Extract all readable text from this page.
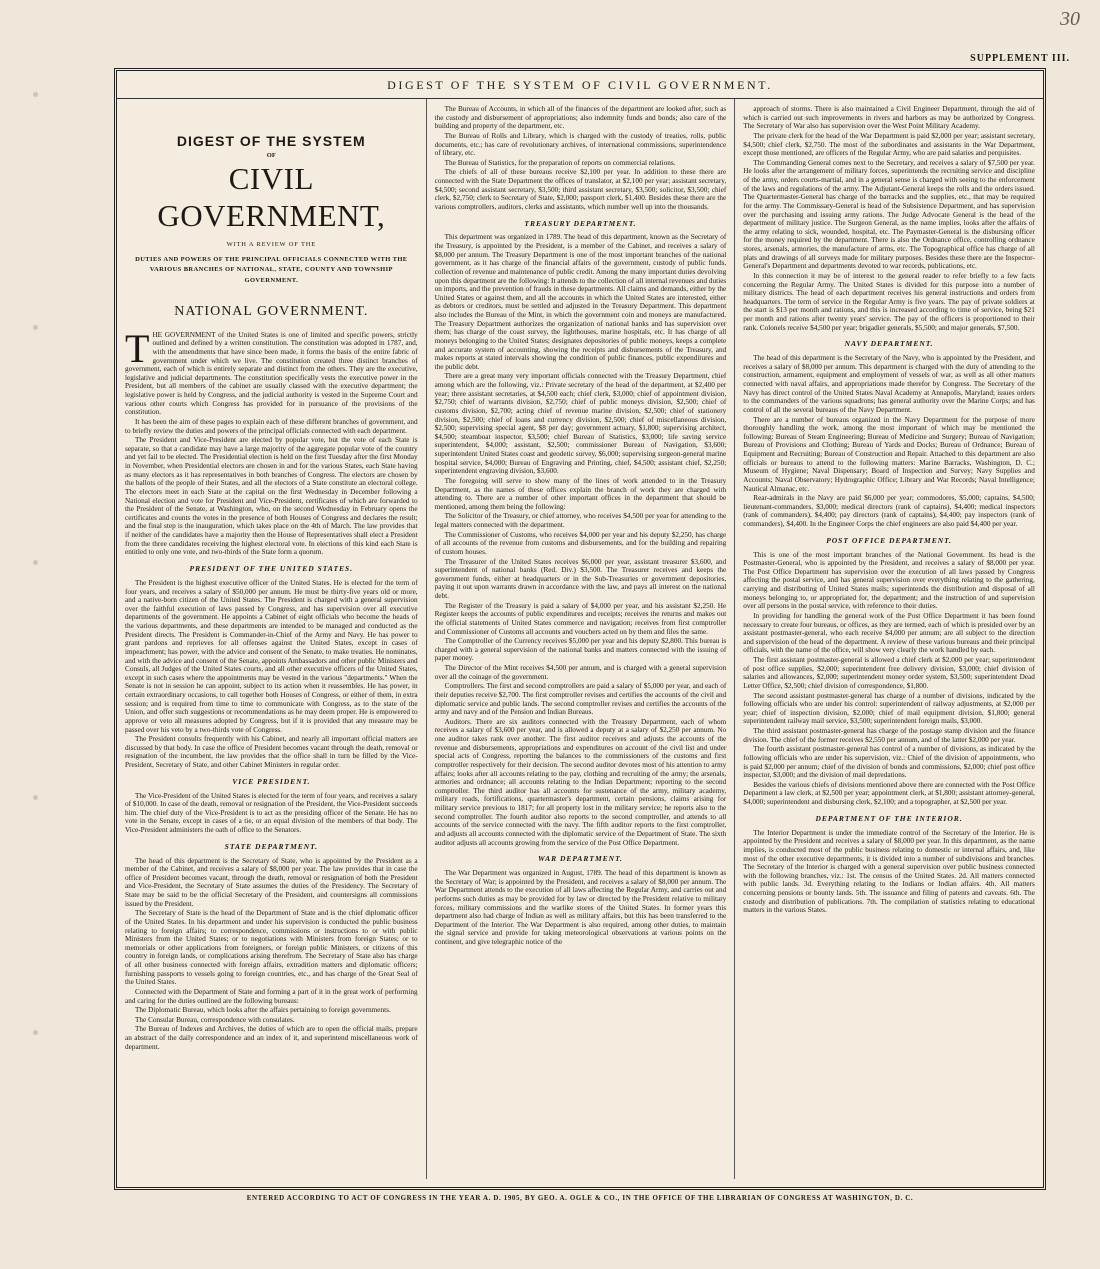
30
SUPPLEMENT III.
DIGEST OF THE SYSTEM OF CIVIL GOVERNMENT.
DIGEST OF THE SYSTEM
OF
CIVIL GOVERNMENT,
WITH A REVIEW OF THE
DUTIES AND POWERS OF THE PRINCIPAL OFFICIALS CONNECTED WITH THE VARIOUS BRANCHES OF NATIONAL, STATE, COUNTY AND TOWNSHIP GOVERNMENT.
NATIONAL GOVERNMENT.

THE GOVERNMENT of the United States is one of limited and specific powers, strictly outlined and defined by a written constitution. The constitution was adopted in 1787, and, with the amendments that have since been made, it forms the basis of the entire fabric of government under which we live. The constitution created three distinct branches of government, each of which is entirely separate and distinct from the others. They are the executive, legislative and judicial departments. The constitution specifically vests the executive power in the President, but all members of the cabinet are usually classed with the executive department; the legislative power is held by Congress, and the judicial authority is vested in the Supreme Court and various other courts which Congress has provided for in pursuance of the provisions of the constitution.

It has been the aim of these pages to explain each of these different branches of government, and to briefly review the duties and powers of the principal officials connected with each department.

The President and Vice-President are elected by popular vote, but the vote of each State is separate, so that a candidate may have a large majority of the aggregate popular vote of the country and yet fail to be elected. The Presidential election is held on the first Tuesday after the first Monday in November, when Presidential electors are chosen in and for the various States, each State having as many electors as it has representatives in both branches of Congress. The electors are chosen by the ballots of the people of their States, and all the electors of a State constitute an electoral college. The electors meet in each State at the capital on the first Wednesday in December following a National election and vote for President and Vice-President, certificates of which are forwarded to the President of the Senate, at Washington, who, on the second Wednesday in February opens the certificates and counts the votes in the presence of both Houses of Congress and declares the result; and the final step is the inauguration, which takes place on the 4th of March. The law provides that if neither of the candidates have a majority then the House of Representatives shall elect a President from the three candidates receiving the highest electoral vote. In elections of this kind each State is entitled to only one vote, and two-thirds of the State form a quorum.

PRESIDENT OF THE UNITED STATES.

The President is the highest executive officer of the United States. He is elected for the term of four years, and receives a salary of $50,000 per annum. He must be thirty-five years old or more, and a native-born citizen of the United States. The President is charged with a general supervision over the faithful execution of laws passed by Congress, and has supervision over all executive departments of the government. He appoints a Cabinet of eight officials who become the heads of the various departments, and these departments are intended to be managed and conducted as the President directs. The President is Commander-in-Chief of the Army and Navy. He has power to grant pardons and reprieves for all offenses against the United States, except in cases of impeachment; has power, with the advice and consent of the Senate, to make treaties. He nominates, and with the advice and consent of the Senate, appoints Ambassadors and other public Ministers and Consuls, all Judges of the United States courts, and all other executive officers of the United States, except in such cases where the appointments may be vested in the various "departments." When the Senate is not in session he can appoint, subject to its action when it reassembles. He has power, in certain extraordinary occasions, to call together both Houses of Congress, or either of them, in extra session; and is required from time to time to communicate with Congress, as to the state of the Union, and offer such suggestions or recommendations as he may deem proper. He is empowered to approve or veto all measures adopted by Congress, but if it is provided that any measure may be passed over his veto by a two-thirds vote of Congress.

The President consults frequently with his Cabinet, and nearly all important official matters are discussed by that body. In case the office of President becomes vacant through the death, removal or resignation of the incumbent, the law provides that the office shall in turn be filled by the Vice-President, Secretary of State, and other Cabinet Ministers in regular order.

VICE PRESIDENT.

The Vice-President of the United States is elected for the term of four years, and receives a salary of $10,000. In case of the death, removal or resignation of the President, the Vice-President succeeds him. The chief duty of the Vice-President is to act as the presiding officer of the Senate. He has no vote in the Senate, except in cases of a tie, or an equal division of the members of that body. The Vice-President administers the oath of office to the Senators.

STATE DEPARTMENT.

The head of this department is the Secretary of State, who is appointed by the President as a member of the Cabinet, and receives a salary of $8,000 per year. The law provides that in case the office of President becomes vacant, through the death, removal or resignation of both the President and Vice-President, the Secretary of State assumes the duties of the Presidency. The Secretary of State may be said to be the official Secretary of the President, and countersigns all commissions issued by the President.

The Secretary of State is the head of the Department of State and is the chief diplomatic officer of the United States. In his department and under his supervision is conducted the public business relating to foreign affairs; to correspondence, commissions or instructions to or with public Ministers from the United States; or to negotiations with Ministers from foreign States; or to memorials or other applications from foreigners, or foreign public Ministers, or citizens of this country in foreign lands, or complications arising therefrom. The Secretary of State also has charge of all other business connected with foreign affairs, extradition matters and diplomatic officers; furnishing passports to vessels going to foreign countries, etc., and has charge of the Great Seal of the United States.

Connected with the Department of State and forming a part of it in the great work of performing and caring for the duties outlined are the following bureaus:

The Diplomatic Bureau, which looks after the affairs pertaining to foreign governments.

The Consular Bureau, correspondence with consulates.

The Bureau of Indexes and Archives, the duties of which are to open the official mails, prepare an abstract of the daily correspondence and an index of it, and superintend miscellaneous work of department.

The Bureau of Accounts, in which all of the finances of the department are looked after, such as the custody and disbursement of appropriations; also indemnity funds and bonds; also care of the building and property of the department, etc.

The Bureau of Rolls and Library, which is charged with the custody of treaties, rolls, public documents, etc.; has care of revolutionary archives, of international commissions, superintendence of library, etc.

The Bureau of Statistics, for the preparation of reports on commercial relations.

The chiefs of all of these bureaus receive $2,100 per year. In addition to these there are connected with the State Department the offices of translator, at $2,100 per year; assistant secretary, $4,500; second assistant secretary, $3,500; third assistant secretary, $3,500; solicitor, $3,500; chief clerk, $2,750; clerk to Secretary of State, $2,000; passport clerk, $1,400. Besides these there are the various comptrollers, auditors, clerks and assistants, which number well up into the thousands.

TREASURY DEPARTMENT.

This department was organized in 1789. The head of this department, known as the Secretary of the Treasury, is appointed by the President, is a member of the Cabinet, and receives a salary of $8,000 per annum. The Treasury Department is one of the most important branches of the national government, as it has charge of the financial affairs of the government, custody of public funds, collection of revenue and maintenance of public credit. Among the many important duties devolving upon this department are the following: It attends to the collection of all internal revenues and duties on imports, and the prevention of frauds in these departments. All claims and demands, either by the United States or against them, and all the accounts in which the United States are interested, either as debtors or creditors, must be settled and adjusted in the Treasury Department. This department also includes the Bureau of the Mint, in which the government coin and moneys are manufactured. The Treasury Department authorizes the organization of national banks and has supervision over them; has charge of the coast survey, the lighthouses, marine hospitals, etc. It has charge of all moneys belonging to the United States; designates depositories of public moneys, keeps a complete and accurate system of accounting, showing the receipts and disbursements of the Treasury, and makes reports at stated intervals showing the condition of public finances, public expenditures and the public debt.

There are a great many very important officials connected with the Treasury Department, chief among which are the following, viz.: Private secretary of the head of the department, at $2,400 per year; three assistant secretaries, at $4,500 each; chief clerk, $3,000; chief of appointment division, $2,750; chief of warrants division, $2,750; chief of public moneys division, $2,500; chief of customs division, $2,700; acting chief of revenue marine division, $2,500; chief of stationery division, $2,500; chief of loans and currency division, $2,500; chief of miscellaneous division, $2,500; supervising special agent, $8 per day; government actuary, $1,800; supervising architect, $4,500; steamboat inspector, $3,500; chief Bureau of Statistics, $3,000; life saving service superintendent, $4,000; assistant, $2,500; commissioner Bureau of Navigation, $3,600; superintendent United States coast and geodetic survey, $6,000; supervising surgeon-general marine hospital service, $4,000; Bureau of Engraving and Printing, chief, $4,500; assistant chief, $2,250; superintendent engraving division, $3,600.

The foregoing will serve to show many of the lines of work attended to in the Treasury Department, as the names of these offices explain the branch of work they are charged with attending to. There are a number of other important offices in the department that should be mentioned, among them being the following:

The Solicitor of the Treasury, or chief attorney, who receives $4,500 per year for attending to the legal matters connected with the department.

The Commissioner of Customs, who receives $4,000 per year and his deputy $2,250, has charge of all accounts of the revenue from customs and disbursements, and for the building and repairing of custom houses.

The Treasurer of the United States receives $6,000 per year, assistant treasurer $3,600, and superintendent of national banks (Red. Div.) $3,500. The Treasurer receives and keeps the government funds, either at headquarters or in the Sub-Treasuries or government depositories, paying it out upon warrants drawn in accordance with the law, and pays all interest on the national debt.

The Register of the Treasury is paid a salary of $4,000 per year, and his assistant $2,250. He Register keeps the accounts of public expenditures and receipts; receives the returns and makes out the official statements of United States commerce and navigation; receives from first comptroller and Commissioner of Customs all accounts and vouchers acted on by them and files the same.

The Comptroller of the Currency receives $5,000 per year and his deputy $2,800. This bureau is charged with a general supervision of the national banks and matters connected with the issuing of paper money.

The Director of the Mint receives $4,500 per annum, and is charged with a general supervision over all the coinage of the government.

Comptrollers. The first and second comptrollers are paid a salary of $5,000 per year, and each of their deputies receive $2,700. The first comptroller revises and certifies the accounts of the civil and diplomatic service and public lands. The second comptroller revises and certifies the accounts of the army and navy and of the Pension and Indian Bureaus.

Auditors. There are six auditors connected with the Treasury Department, each of whom receives a salary of $3,600 per year, and is allowed a deputy at a salary of $2,250 per annum. No one auditor takes rank over another. The first auditor receives and adjusts the accounts of the revenue and disbursements, appropriations and expenditures on account of the civil list and under special acts of Congress, reporting the balances to the commissioners of the customs and first comptroller respectively for their decision. The second auditor devotes most of his attention to army affairs; looks after all accounts relating to the pay, clothing and recruiting of the army; the arsenals, armories and ordnance; all accounts relating to the Indian Department; reporting to the second comptroller. The third auditor has all accounts for sustenance of the army, military academy, military roads, fortifications, quartermaster's department, certain pensions, claims arising for military service previous to 1817; for all property lost in the military service; he reports also to the second comptroller. The fourth auditor also reports to the second comptroller, and attends to all accounts of the service connected with the navy. The fifth auditor reports to the first comptroller, and adjusts all accounts connected with the diplomatic service of the Department of State. The sixth auditor adjusts all accounts growing from the service of the Post Office Department.

WAR DEPARTMENT.

The War Department was organized in August, 1789. The head of this department is known as the Secretary of War; is appointed by the President, and receives a salary of $8,000 per annum. The War Department attends to the execution of all laws affecting the Regular Army, and carries out and performs such duties as may be provided for by law or directed by the President relative to military forces, military commissions and the warlike stores of the United States. In former years this department also had charge of Indian as well as military affairs, but this has been transferred to the Department of the Interior. The War Department is also required, among other duties, to maintain the signal service and provide for taking meteorological observations at various points on the continent, and give telegraphic notice of the

approach of storms. There is also maintained a Civil Engineer Department, through the aid of which is carried out such improvements in rivers and harbors as may be authorized by Congress. The Secretary of War also has supervision over the West Point Military Academy.

The private clerk for the head of the War Department is paid $2,000 per year; assistant secretary, $4,500; chief clerk, $2,750. The most of the subordinates and assistants in the War Department, except those mentioned, are officers of the Regular Army, who are paid salaries and perquisites.

The Commanding General comes next to the Secretary, and receives a salary of $7,500 per year. He looks after the arrangement of military forces, superintends the recruiting service and discipline of the army, orders courts-martial, and in a general sense is charged with seeing to the enforcement of the laws and regulations of the army. The Adjutant-General keeps the rolls and the orders issued. The Quartermaster-General has charge of the barracks and the supplies, etc., that may be required for the army. The Commissary-General is head of the Subsistence Department, and has supervision over the purchasing and issuing army rations. The Judge Advocate General is the head of the department of military justice. The Surgeon General, as the name implies, looks after the affairs of the army relating to sick, wounded, hospital, etc. The Paymaster-General is the disbursing officer for the money required by the department. There is also the Ordnance office, controlling ordnance stores, arsenals, armories, the manufacture of arms, etc. The Topographical office has charge of all plats and drawings of all surveys made for military purposes. Besides these there are the Inspector-General's Department and departments devoted to war records, publications, etc.

In this connection it may be of interest to the general reader to refer briefly to a few facts concerning the Regular Army. The United States is divided for this purpose into a number of military districts. The head of each department receives his general instructions and orders from headquarters. The term of service in the Regular Army is five years. The pay of private soldiers at the start is $13 per month and rations, and this is increased according to time of service, being $21 per month and rations after twenty years' service. The pay of the officers is proportioned to their rank. Colonels receive $4,500 per year; brigadier generals, $5,500; and major generals, $7,500.

NAVY DEPARTMENT.

The head of this department is the Secretary of the Navy, who is appointed by the President, and receives a salary of $8,000 per annum. This department is charged with the duty of attending to the construction, armament, equipment and employment of vessels of war, as well as all other matters connected with naval affairs, and appropriations made therefor by Congress. The Secretary of the Navy has direct control of the United States Naval Academy at Annapolis, Maryland; issues orders to the commanders of the various squadrons; has general authority over the Marine Corps; and has control of all the several bureaus of the Navy Department.

There are a number of bureaus organized in the Navy Department for the purpose of more thoroughly handling the work, among the most important of which may be mentioned the following: Bureau of Steam Engineering; Bureau of Medicine and Surgery; Bureau of Navigation; Bureau of Provisions and Clothing; Bureau of Yards and Docks; Bureau of Ordnance; Bureau of Equipment and Recruiting; Bureau of Construction and Repair. Attached to this department are also officials or bureaus to attend to the following matters: Marine Barracks, Washington, D. C.; Museum of Hygiene; Naval Dispensary; Board of Inspection and Survey; Navy Supplies and Accounts; Naval Observatory; Hydrographic Office; Library and War Records; Naval Intelligence; Nautical Almanac, etc.

Rear-admirals in the Navy are paid $6,000 per year; commodores, $5,000; captains, $4,500; lieutenant-commanders, $3,000; medical directors (rank of captains), $4,400; medical inspectors (rank of commanders), $4,400; pay directors (rank of captains), $4,400; pay inspectors (rank of commanders), $4,400. In the Engineer Corps the chief engineers are also paid $4,400 per year.

POST OFFICE DEPARTMENT.

This is one of the most important branches of the National Government. Its head is the Postmaster-General, who is appointed by the President, and receives a salary of $8,000 per year. The Post Office Department has supervision over the execution of all laws passed by Congress affecting the postal service, and has general supervision over everything relating to the gathering, carrying and distributing of United States mails; superintends the distribution and disposal of all moneys belonging to, or appropriated for, the department; and the instruction of and supervision over all persons in the postal service, with reference to their duties.

In providing for handling the general work of the Post Office Department it has been found necessary to create four bureaus, or offices, as they are termed, each of which is presided over by an assistant postmaster-general, who each receive $4,000 per annum; are all subject to the direction and supervision of the head of the department. A review of these various bureaus and their principal officials, with the name of the office, will show very clearly the work handled by each.

The first assistant postmaster-general is allowed a chief clerk at $2,000 per year; superintendent of post office supplies, $2,000; superintendent free delivery division, $3,000; chief division of salaries and allowances, $2,000; superintendent money order system, $3,500; superintendent Dead Letter Office, $2,500; chief division of correspondence, $1,800.

The second assistant postmaster-general has charge of a number of divisions, indicated by the following officials who are under his control: superintendent of railway adjustments, at $2,000 per year; chief of inspection division, $2,000; chief of mail equipment division, $1,800; general superintendent railway mail service, $3,500; superintendent foreign mails, $3,000.

The third assistant postmaster-general has charge of the postage stamp division and the finance division. The chief of the former receives $2,550 per annum, and of the latter $2,000 per year.

The fourth assistant postmaster-general has control of a number of divisions, as indicated by the following officials who are under his supervision, viz.: Chief of the division of appointments, who is paid $2,000 per annum; chief of the division of bonds and commissions, $2,000; chief post office inspector, $3,000; and the division of mail depredations.

Besides the various chiefs of divisions mentioned above there are connected with the Post Office Department a law clerk, at $2,500 per year; appointment clerk, at $1,800; assistant attorney-general, $4,000; superintendent and disbursing clerk, $2,100; and a topographer, at $2,500 per year.

DEPARTMENT OF THE INTERIOR.

The Interior Department is under the immediate control of the Secretary of the Interior. He is appointed by the President and receives a salary of $8,000 per year. In this department, as the name implies, is conducted most of the public business relating to domestic or internal affairs, and, like most of the other executive departments, it is divided into a number of subdivisions and branches. The Secretary of the Interior is charged with a general supervision over public business connected with the following branches, viz.: 1st. The census of the United States. 2d. All matters connected with public lands. 3d. Everything relating to the Indians or Indian affairs. 4th. All matters concerning pensions or bounty lands. 5th. The issuance and filing of patents and caveats. 6th. The custody and distribution of publications. 7th. The compilation of statistics relating to educational matters in the various States.

ENTERED ACCORDING TO ACT OF CONGRESS IN THE YEAR A. D. 1905, BY GEO. A. OGLE & CO., IN THE OFFICE OF THE LIBRARIAN OF CONGRESS AT WASHINGTON, D. C.
